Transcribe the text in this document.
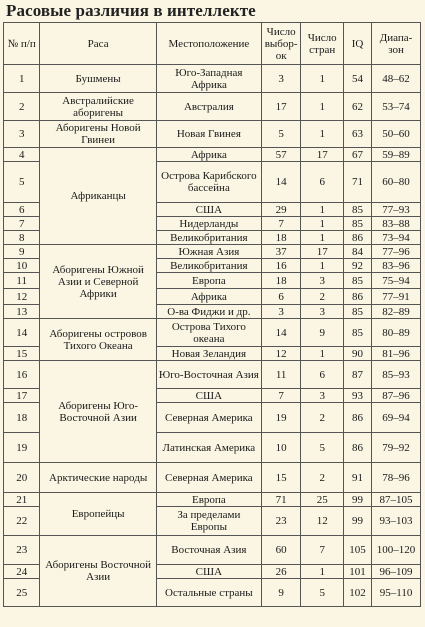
Расовые различия в интеллекте
№ п/п	Раса	Местоположение	Число выбор- ок	Число стран	IQ	Диапа- зон
1	Бушмены	Юго-Западная Африка	3	1	54	48–62
2	Австралийские аборигены	Австралия	17	1	62	53–74
3	Аборигены Новой Гвинеи	Новая Гвинея	5	1	63	50–60
4	Африканцы	Африка	57	17	67	59–89
5		Острова Карибского бассейна	14	6	71	60–80
6		США	29	1	85	77–93
7		Нидерланды	7	1	85	83–88
8		Великобритания	18	1	86	73–94
9	Аборигены Южной Азии и Северной Африки	Южная Азия	37	17	84	77–96
10		Великобритания	16	1	92	83–96
11		Европа	18	3	85	75–94
12		Африка	6	2	86	77–91
13		О-ва Фиджи и др.	3	3	85	82–89
14	Аборигены островов Тихого Океана	Острова Тихого океана	14	9	85	80–89
15		Новая Зеландия	12	1	90	81–96
16	Аборигены Юго-Восточной Азии	Юго-Восточная Азия	11	6	87	85–93
17		США	7	3	93	87–96
18		Северная Америка	19	2	86	69–94
19		Латинская Америка	10	5	86	79–92
20	Арктические народы	Северная Америка	15	2	91	78–96
21	Европейцы	Европа	71	25	99	87–105
22		За пределами Европы	23	12	99	93–103
23	Аборигены Восточной Азии	Восточная Азия	60	7	105	100–120
24		США	26	1	101	96–109
25		Остальные страны	9	5	102	95–110
